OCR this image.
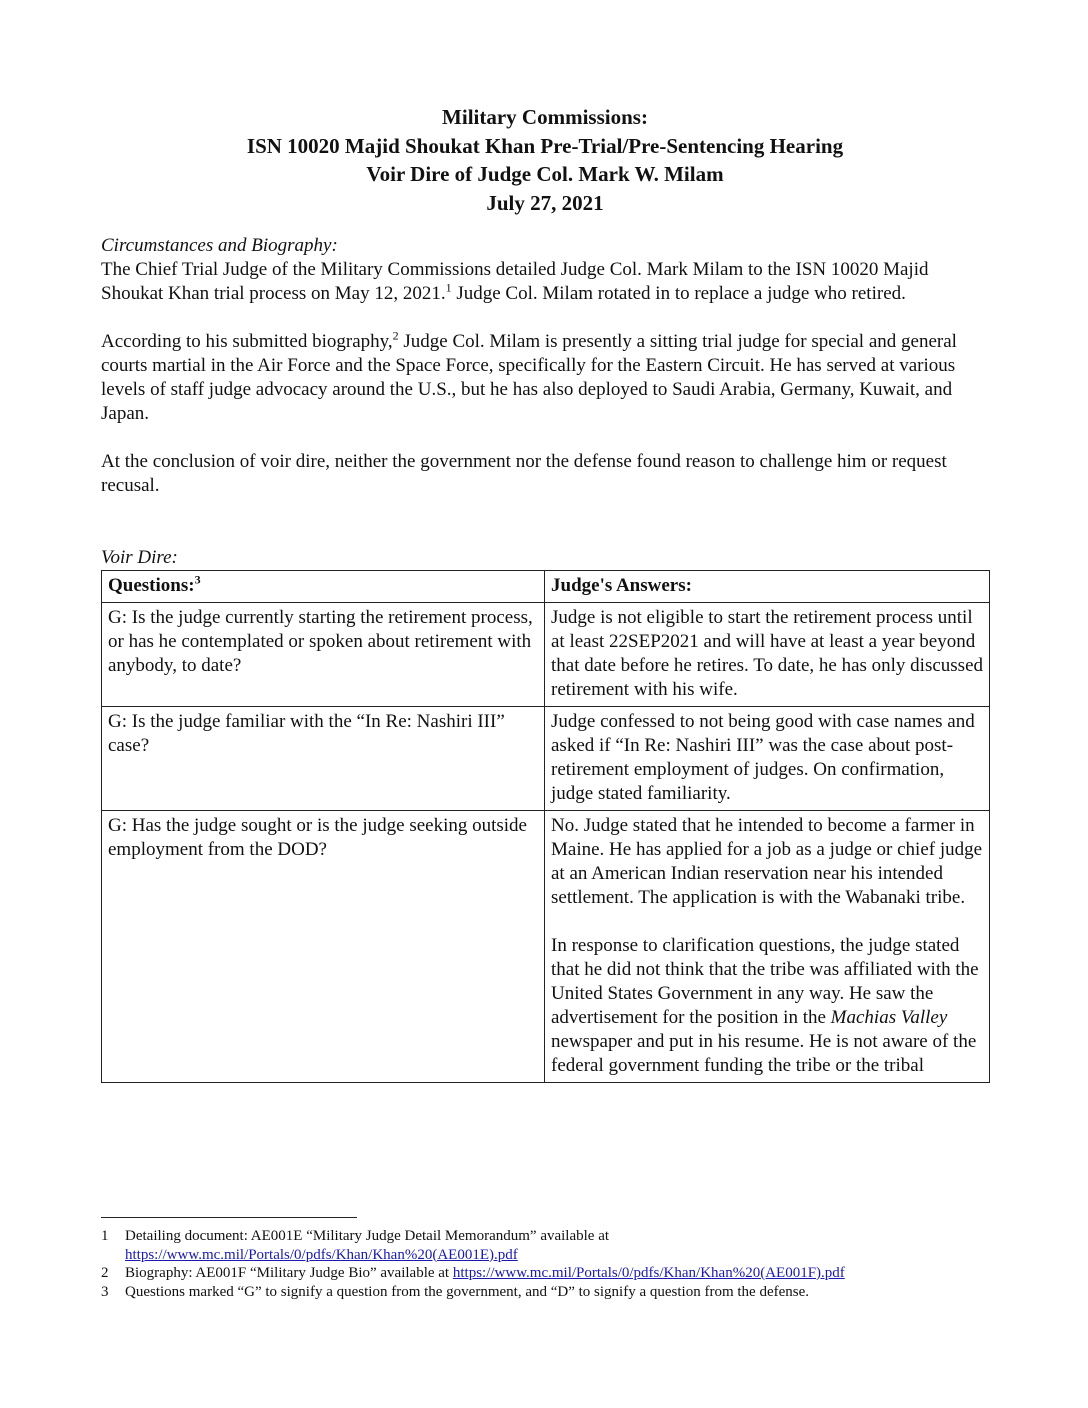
Military Commissions:
ISN 10020 Majid Shoukat Khan Pre-Trial/Pre-Sentencing Hearing
Voir Dire of Judge Col. Mark W. Milam
July 27, 2021
Circumstances and Biography:

The Chief Trial Judge of the Military Commissions detailed Judge Col. Mark Milam to the ISN 10020 Majid Shoukat Khan trial process on May 12, 2021.$^1$ Judge Col. Milam rotated in to replace a judge who retired.

According to his submitted biography,$^2$ Judge Col. Milam is presently a sitting trial judge for special and general courts martial in the Air Force and the Space Force, specifically for the Eastern Circuit. He has served at various levels of staff judge advocacy around the U.S., but he has also deployed to Saudi Arabia, Germany, Kuwait, and Japan.

At the conclusion of voir dire, neither the government nor the defense found reason to challenge him or request recusal.

Voir Dire:
Questions:$^3$	Judge's Answers:
G: Is the judge currently starting the retirement process, or has he contemplated or spoken about retirement with anybody, to date?	Judge is not eligible to start the retirement process until at least 22SEP2021 and will have at least a year beyond that date before he retires. To date, he has only discussed retirement with his wife.
G: Is the judge familiar with the “In Re: Nashiri III” case?	Judge confessed to not being good with case names and asked if “In Re: Nashiri III” was the case about post-retirement employment of judges. On confirmation, judge stated familiarity.
G: Has the judge sought or is the judge seeking outside employment from the DOD?	No. Judge stated that he intended to become a farmer in Maine. He has applied for a job as a judge or chief judge at an American Indian reservation near his intended settlement. The application is with the Wabanaki tribe.
In response to clarification questions, the judge stated that he did not think that the tribe was affiliated with the United States Government in any way. He saw the advertisement for the position in the Machias Valley newspaper and put in his resume. He is not aware of the federal government funding the tribe or the tribal
1	Detailing document: AE001E “Military Judge Detail Memorandum” available at
https://www.mc.mil/Portals/0/pdfs/Khan/Khan%20(AE001E).pdf
2	Biography: AE001F “Military Judge Bio” available at https://www.mc.mil/Portals/0/pdfs/Khan/Khan%20(AE001F).pdf
3	Questions marked “G” to signify a question from the government, and “D” to signify a question from the defense.
